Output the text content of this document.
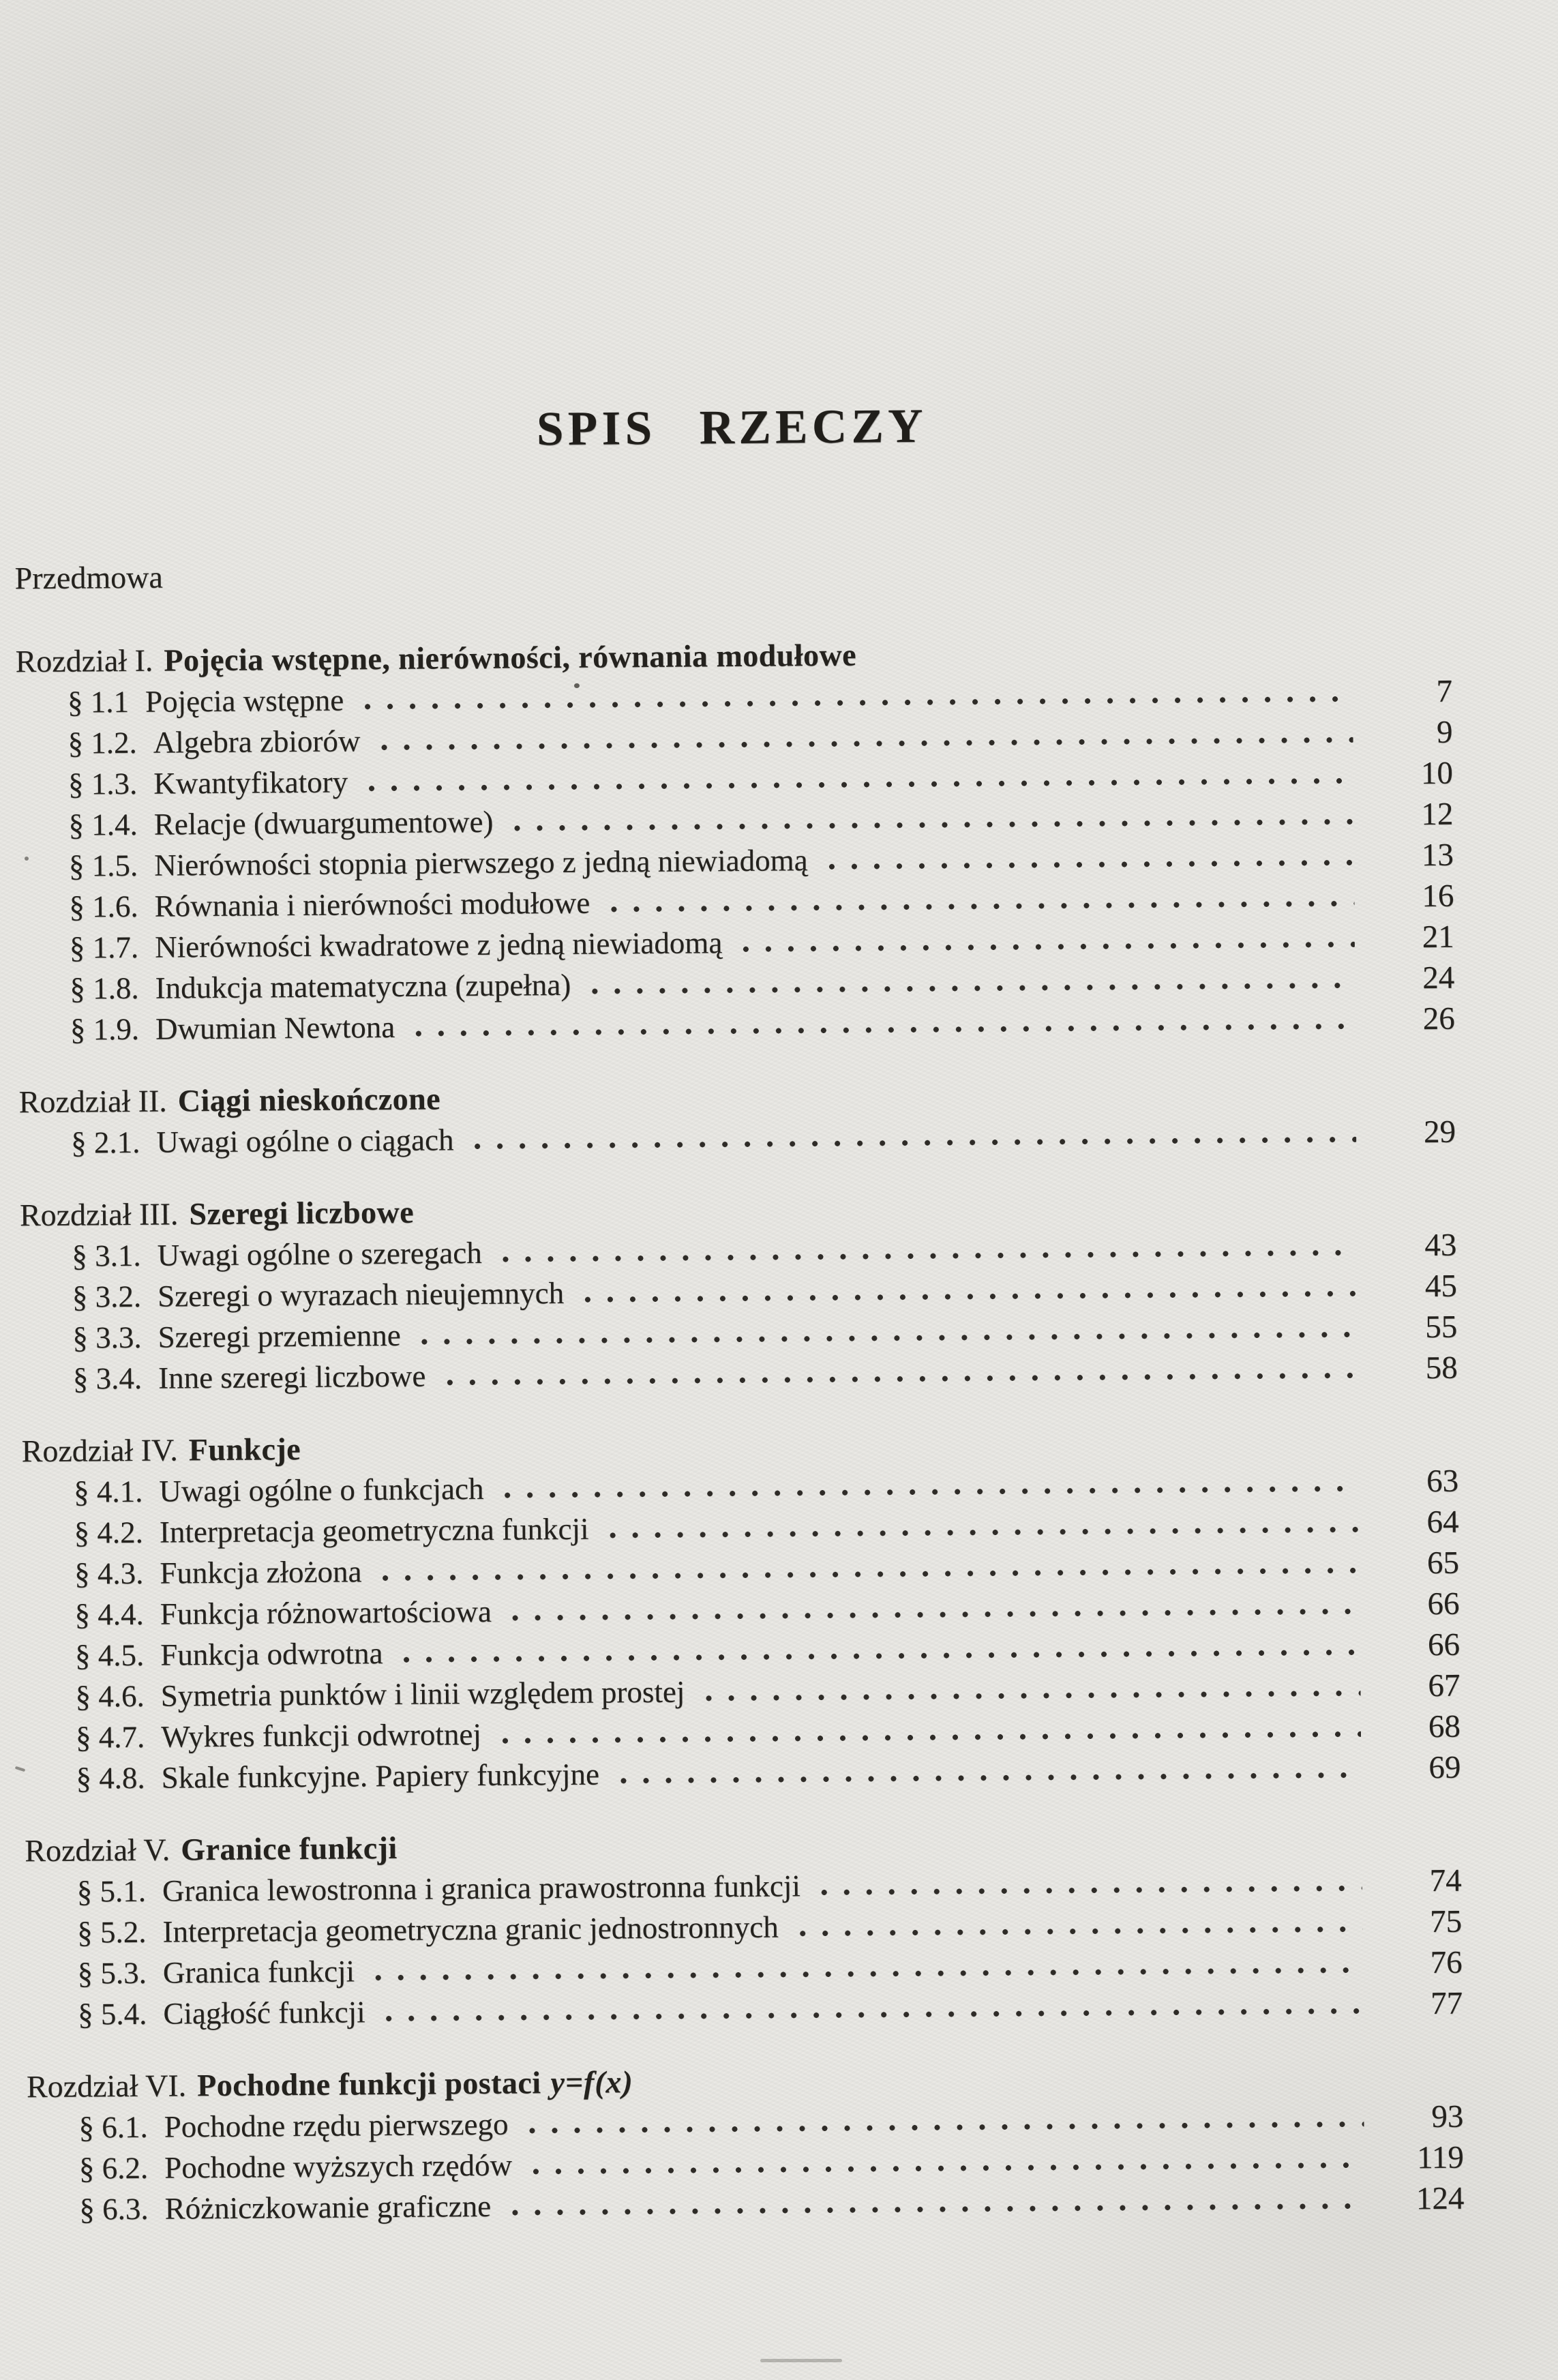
SPIS RZECZY
Przedmowa
Rozdział I. Pojęcia wstępne, nierówności, równania modułowe
§ 1.1 Pojęcia wstępne	7
§ 1.2. Algebra zbiorów	9
§ 1.3. Kwantyfikatory	10
§ 1.4. Relacje (dwuargumentowe)	12
§ 1.5. Nierówności stopnia pierwszego z jedną niewiadomą	13
§ 1.6. Równania i nierówności modułowe	16
§ 1.7. Nierówności kwadratowe z jedną niewiadomą	21
§ 1.8. Indukcja matematyczna (zupełna)	24
§ 1.9. Dwumian Newtona	26
Rozdział II. Ciągi nieskończone
§ 2.1. Uwagi ogólne o ciągach	29
Rozdział III. Szeregi liczbowe
§ 3.1. Uwagi ogólne o szeregach	43
§ 3.2. Szeregi o wyrazach nieujemnych	45
§ 3.3. Szeregi przemienne	55
§ 3.4. Inne szeregi liczbowe	58
Rozdział IV. Funkcje
§ 4.1. Uwagi ogólne o funkcjach	63
§ 4.2. Interpretacja geometryczna funkcji	64
§ 4.3. Funkcja złożona	65
§ 4.4. Funkcja różnowartościowa	66
§ 4.5. Funkcja odwrotna	66
§ 4.6. Symetria punktów i linii względem prostej	67
§ 4.7. Wykres funkcji odwrotnej	68
§ 4.8. Skale funkcyjne. Papiery funkcyjne	69
Rozdział V. Granice funkcji
§ 5.1. Granica lewostronna i granica prawostronna funkcji	74
§ 5.2. Interpretacja geometryczna granic jednostronnych	75
§ 5.3. Granica funkcji	76
§ 5.4. Ciągłość funkcji	77
Rozdział VI. Pochodne funkcji postaci y=f(x)
§ 6.1. Pochodne rzędu pierwszego	93
§ 6.2. Pochodne wyższych rzędów	119
§ 6.3. Różniczkowanie graficzne	124
